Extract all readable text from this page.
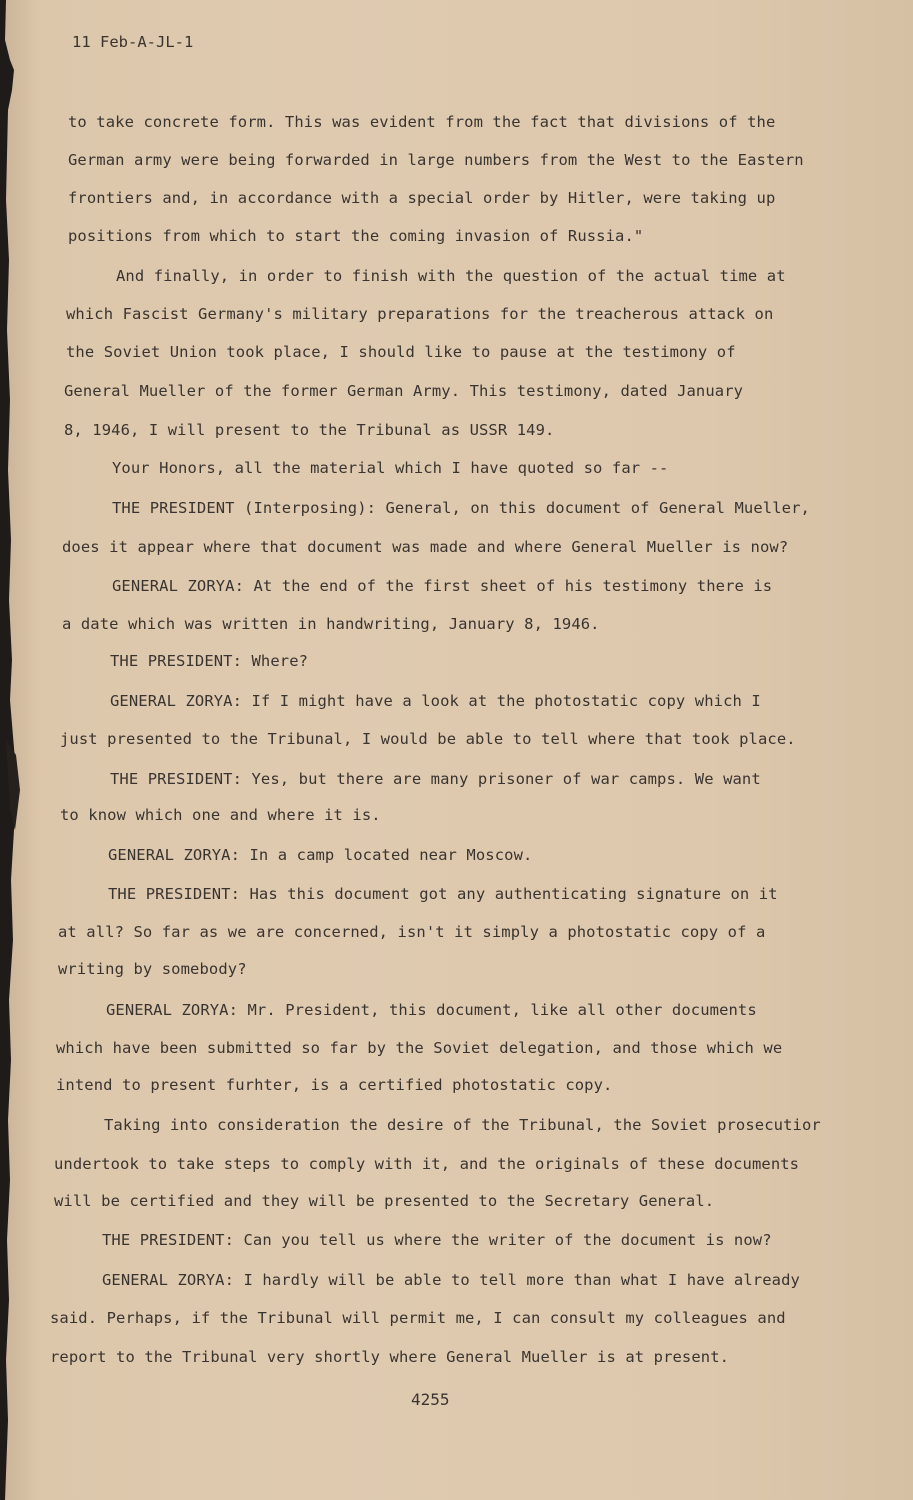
11 Feb-A-JL-1
to take concrete form. This was evident from the fact that divisions of the
German army were being forwarded in large numbers from the West to the Eastern
frontiers and, in accordance with a special order by Hitler, were taking up
positions from which to start the coming invasion of Russia."
And finally, in order to finish with the question of the actual time at
which Fascist Germany's military preparations for the treacherous attack on
the Soviet Union took place, I should like to pause at the testimony of
General Mueller of the former German Army. This testimony, dated January
8, 1946, I will present to the Tribunal as USSR 149.
Your Honors, all the material which I have quoted so far --
THE PRESIDENT (Interposing): General, on this document of General Mueller,
does it appear where that document was made and where General Mueller is now?
GENERAL ZORYA: At the end of the first sheet of his testimony there is
a date which was written in handwriting, January 8, 1946.
THE PRESIDENT: Where?
GENERAL ZORYA: If I might have a look at the photostatic copy which I
just presented to the Tribunal, I would be able to tell where that took place.
THE PRESIDENT: Yes, but there are many prisoner of war camps. We want
to know which one and where it is.
GENERAL ZORYA: In a camp located near Moscow.
THE PRESIDENT: Has this document got any authenticating signature on it
at all? So far as we are concerned, isn't it simply a photostatic copy of a
writing by somebody?
GENERAL ZORYA: Mr. President, this document, like all other documents
which have been submitted so far by the Soviet delegation, and those which we
intend to present furhter, is a certified photostatic copy.
Taking into consideration the desire of the Tribunal, the Soviet prosecutior
undertook to take steps to comply with it, and the originals of these documents
will be certified and they will be presented to the Secretary General.
THE PRESIDENT: Can you tell us where the writer of the document is now?
GENERAL ZORYA: I hardly will be able to tell more than what I have already
said. Perhaps, if the Tribunal will permit me, I can consult my colleagues and
report to the Tribunal very shortly where General Mueller is at present.
4255
